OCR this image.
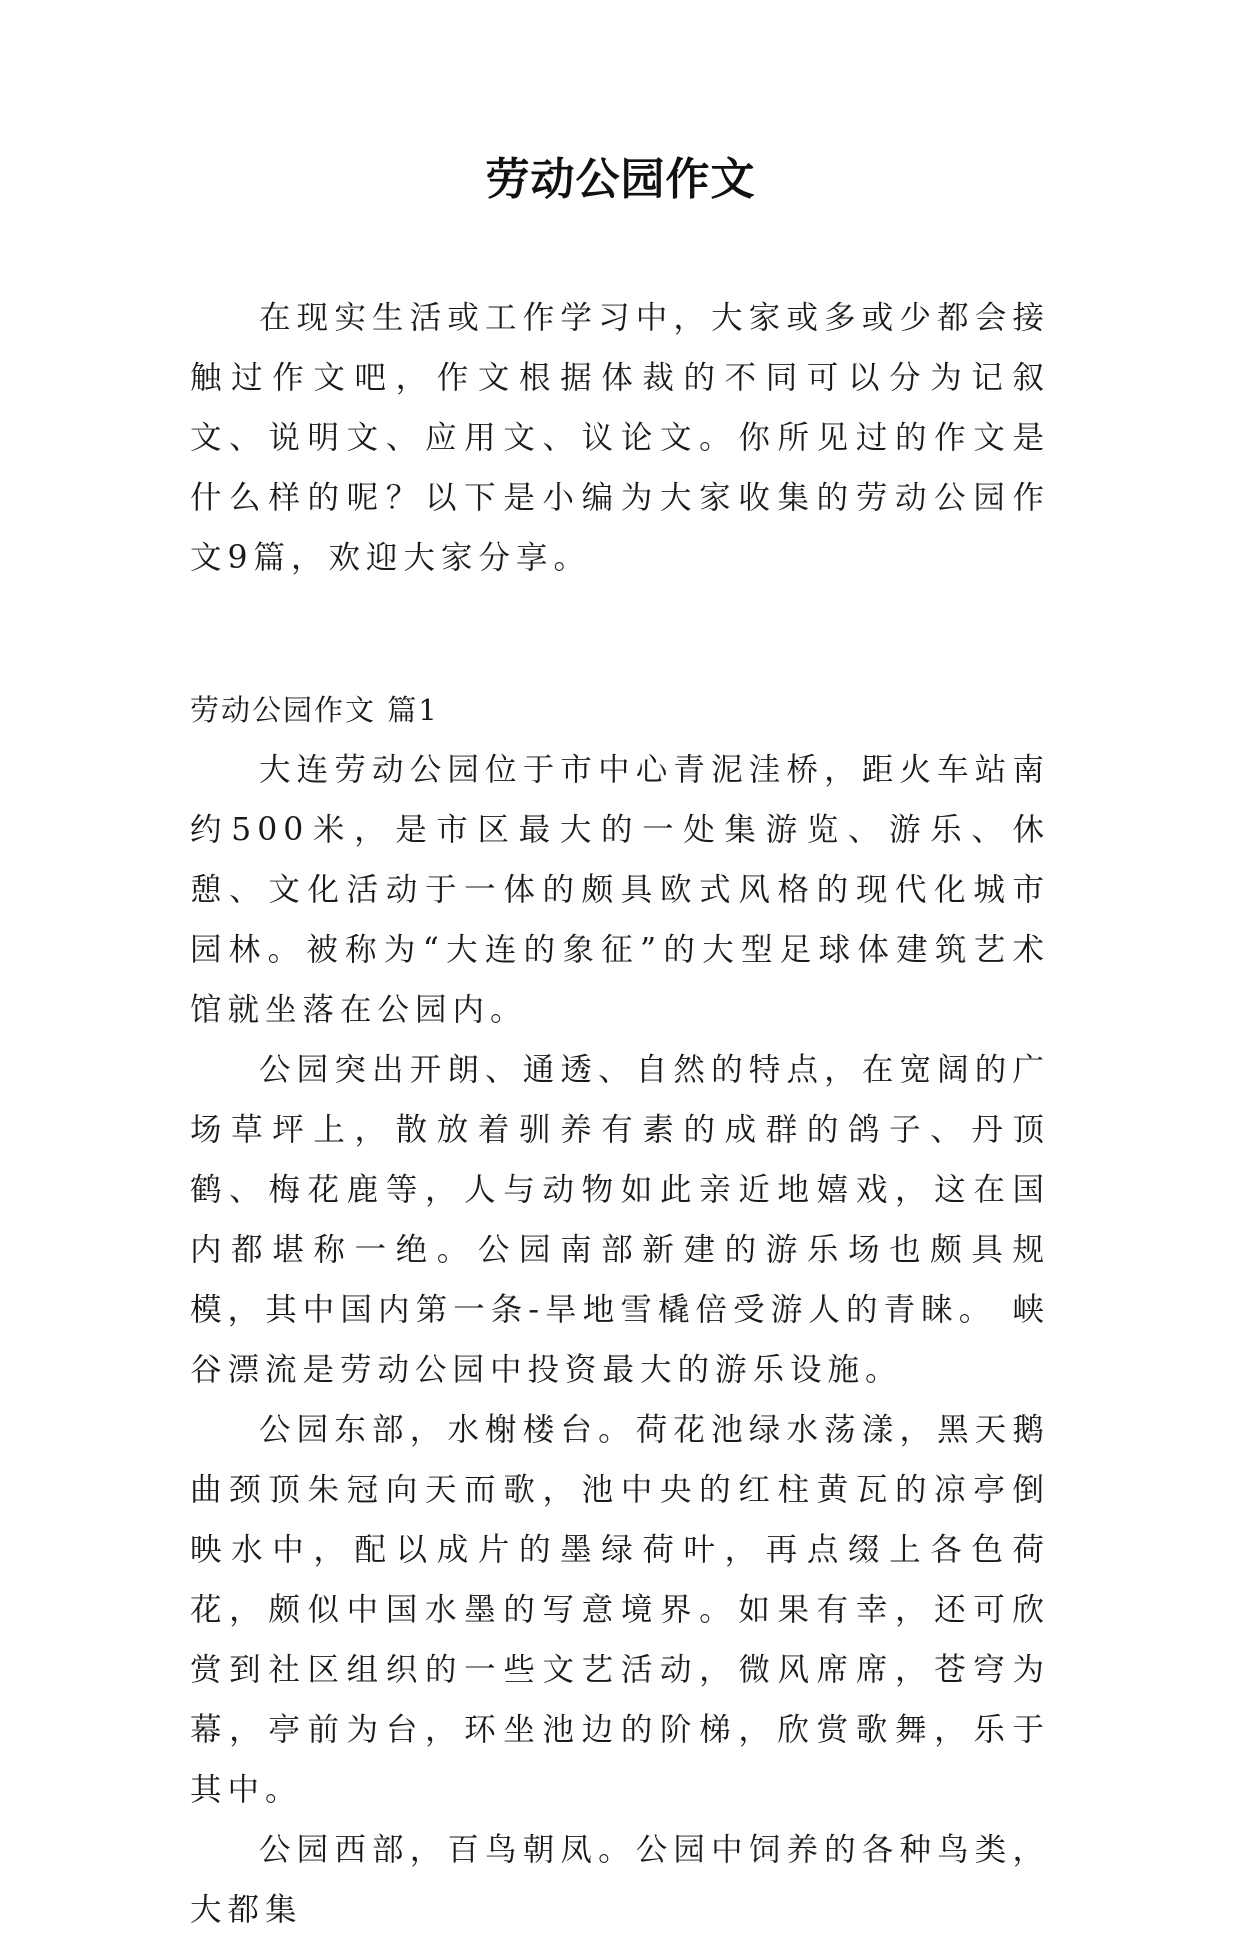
劳动公园作文

在现实生活或工作学习中，大家或多或少都会接触过作文吧，作文根据体裁的不同可以分为记叙文、说明文、应用文、议论文。你所见过的作文是什么样的呢？以下是小编为大家收集的劳动公园作文9篇，欢迎大家分享。

劳动公园作文 篇1

大连劳动公园位于市中心青泥洼桥，距火车站南约500米，是市区最大的一处集游览、游乐、休憩、文化活动于一体的颇具欧式风格的现代化城市园林。被称为“大连的象征”的大型足球体建筑艺术馆就坐落在公园内。

公园突出开朗、通透、自然的特点，在宽阔的广场草坪上，散放着驯养有素的成群的鸽子、丹顶鹤、梅花鹿等，人与动物如此亲近地嬉戏，这在国内都堪称一绝。公园南部新建的游乐场也颇具规模，其中国内第一条-旱地雪橇倍受游人的青睐。 峡谷漂流是劳动公园中投资最大的游乐设施。

公园东部，水榭楼台。荷花池绿水荡漾，黑天鹅曲颈顶朱冠向天而歌，池中央的红柱黄瓦的凉亭倒映水中，配以成片的墨绿荷叶，再点缀上各色荷花，颇似中国水墨的写意境界。如果有幸，还可欣赏到社区组织的一些文艺活动，微风席席，苍穹为幕，亭前为台，环坐池边的阶梯，欣赏歌舞，乐于其中。

公园西部，百鸟朝凤。公园中饲养的各种鸟类，大都集
